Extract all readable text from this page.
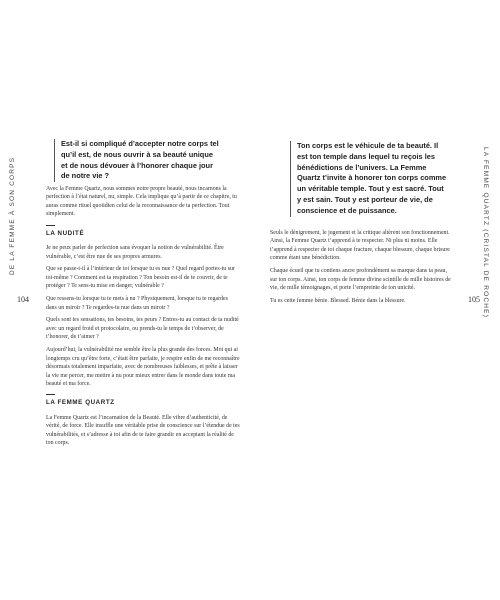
DE LA FEMME À SON CORPS
104
Est-il si compliqué d’accepter notre corps tel qu’il est, de nous ouvrir à sa beauté unique et de nous dévouer à l’honorer chaque jour de notre vie ?

Avec la Femme Quartz, nous sommes notre propre beauté, nous incarnons la perfection à l’état naturel, nu, simple. Cela implique qu’à partir de ce chapitre, tu auras comme rituel quotidien celui de la reconnaissance de ta perfection. Tout simplement.

LA NUDITÉ

Je ne peux parler de perfection sans évoquer la notion de vulnérabilité. Être vulnérable, c’est être nue de ses propres armures.

Que se passe-t-il à l’intérieur de toi lorsque tu es nue ? Quel regard portes-tu sur toi-même ? Comment est ta respiration ? Ton besoin est-il de te couvrir, de te protéger ? Te sens-tu mise en danger, vulnérable ?

Que ressens-tu lorsque tu te mets à nu ? Physiquement, lorsque tu te regardes dans un miroir ? Te regardes-tu nue dans un miroir ?

Quels sont tes sensations, tes besoins, tes peurs ? Entres-tu au contact de ta nudité avec un regard froid et protocolaire, ou prends-tu le temps de t’observer, de t’honorer, de t’aimer ?

Aujourd’hui, la vulnérabilité me semble être la plus grande des forces. Moi qui ai longtemps cru qu’être forte, c’était être parfaite, je respire enfin de me reconnaître désormais totalement imparfaite, avec de nombreuses faiblesses, et prête à laisser la vie me percer, me mettre à nu pour mieux entrer dans le monde dans toute ma beauté et ma force.

LA FEMME QUARTZ

La Femme Quartz est l’incarnation de la Beauté. Elle vibre d’authenticité, de vérité, de force. Elle insuffle une véritable prise de conscience sur l’étendue de tes vulnérabilités, et s’adresse à toi afin de te faire grandir en acceptant la réalité de ton corps.

LA FEMME QUARTZ (CRISTAL DE ROCHE)
105
Ton corps est le véhicule de ta beauté. Il est ton temple dans lequel tu reçois les bénédictions de l’univers. La Femme Quartz t’invite à honorer ton corps comme un véritable temple. Tout y est sacré. Tout y est sain. Tout y est porteur de vie, de conscience et de puissance.

Seuls le dénigrement, le jugement et la critique altèrent son fonctionnement. Ainsi, la Femme Quartz t’apprend à te respecter. Ni plus ni moins. Elle t’apprend à respecter de toi chaque fracture, chaque blessure, chaque brisure comme étant une bénédiction.

Chaque écueil que tu contiens ancre profondément sa marque dans ta peau, sur ton corps. Ainsi, ton corps de femme divine scintille de mille histoires de vie, de mille témoignages, et porte l’empreinte de ton unicité.

Tu es cette femme bénie. Blessed. Bénie dans la blessure.
